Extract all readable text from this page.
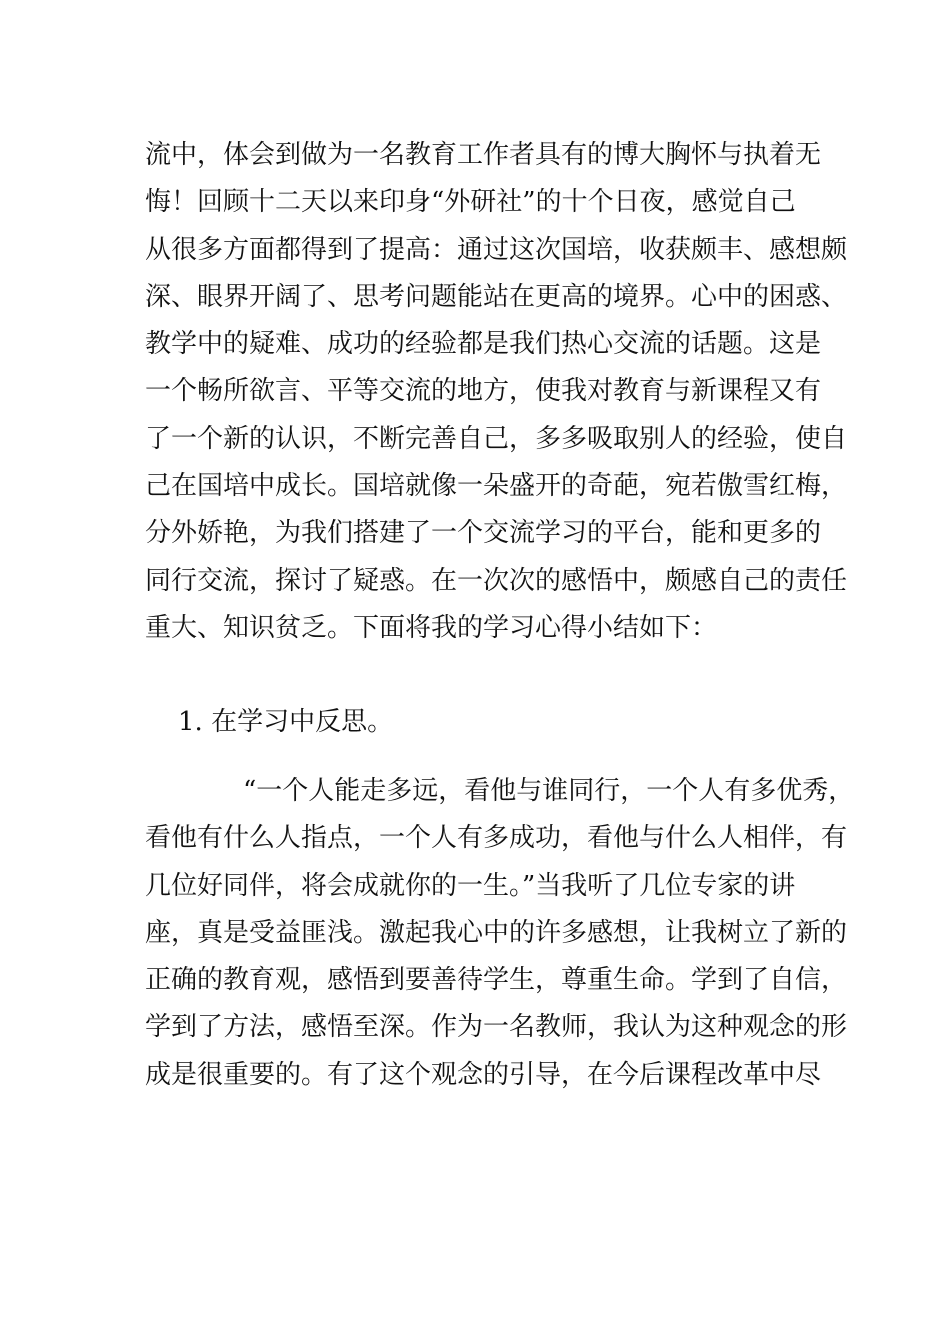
流中，体会到做为一名教育工作者具有的博大胸怀与执着无
悔！回顾十二天以来印身“外研社”的十个日夜，感觉自己
从很多方面都得到了提高：通过这次国培，收获颇丰、感想颇
深、眼界开阔了、思考问题能站在更高的境界。心中的困惑、
教学中的疑难、成功的经验都是我们热心交流的话题。这是
一个畅所欲言、平等交流的地方，使我对教育与新课程又有
了一个新的认识，不断完善自己，多多吸取别人的经验，使自
己在国培中成长。国培就像一朵盛开的奇葩，宛若傲雪红梅，
分外娇艳，为我们搭建了一个交流学习的平台，能和更多的
同行交流，探讨了疑惑。在一次次的感悟中，颇感自己的责任
重大、知识贫乏。下面将我的学习心得小结如下：
1. 在学习中反思。
“一个人能走多远，看他与谁同行，一个人有多优秀，
看他有什么人指点，一个人有多成功，看他与什么人相伴，有
几位好同伴，将会成就你的一生。”当我听了几位专家的讲
座，真是受益匪浅。激起我心中的许多感想，让我树立了新的
正确的教育观，感悟到要善待学生，尊重生命。学到了自信，
学到了方法，感悟至深。作为一名教师，我认为这种观念的形
成是很重要的。有了这个观念的引导，在今后课程改革中尽
